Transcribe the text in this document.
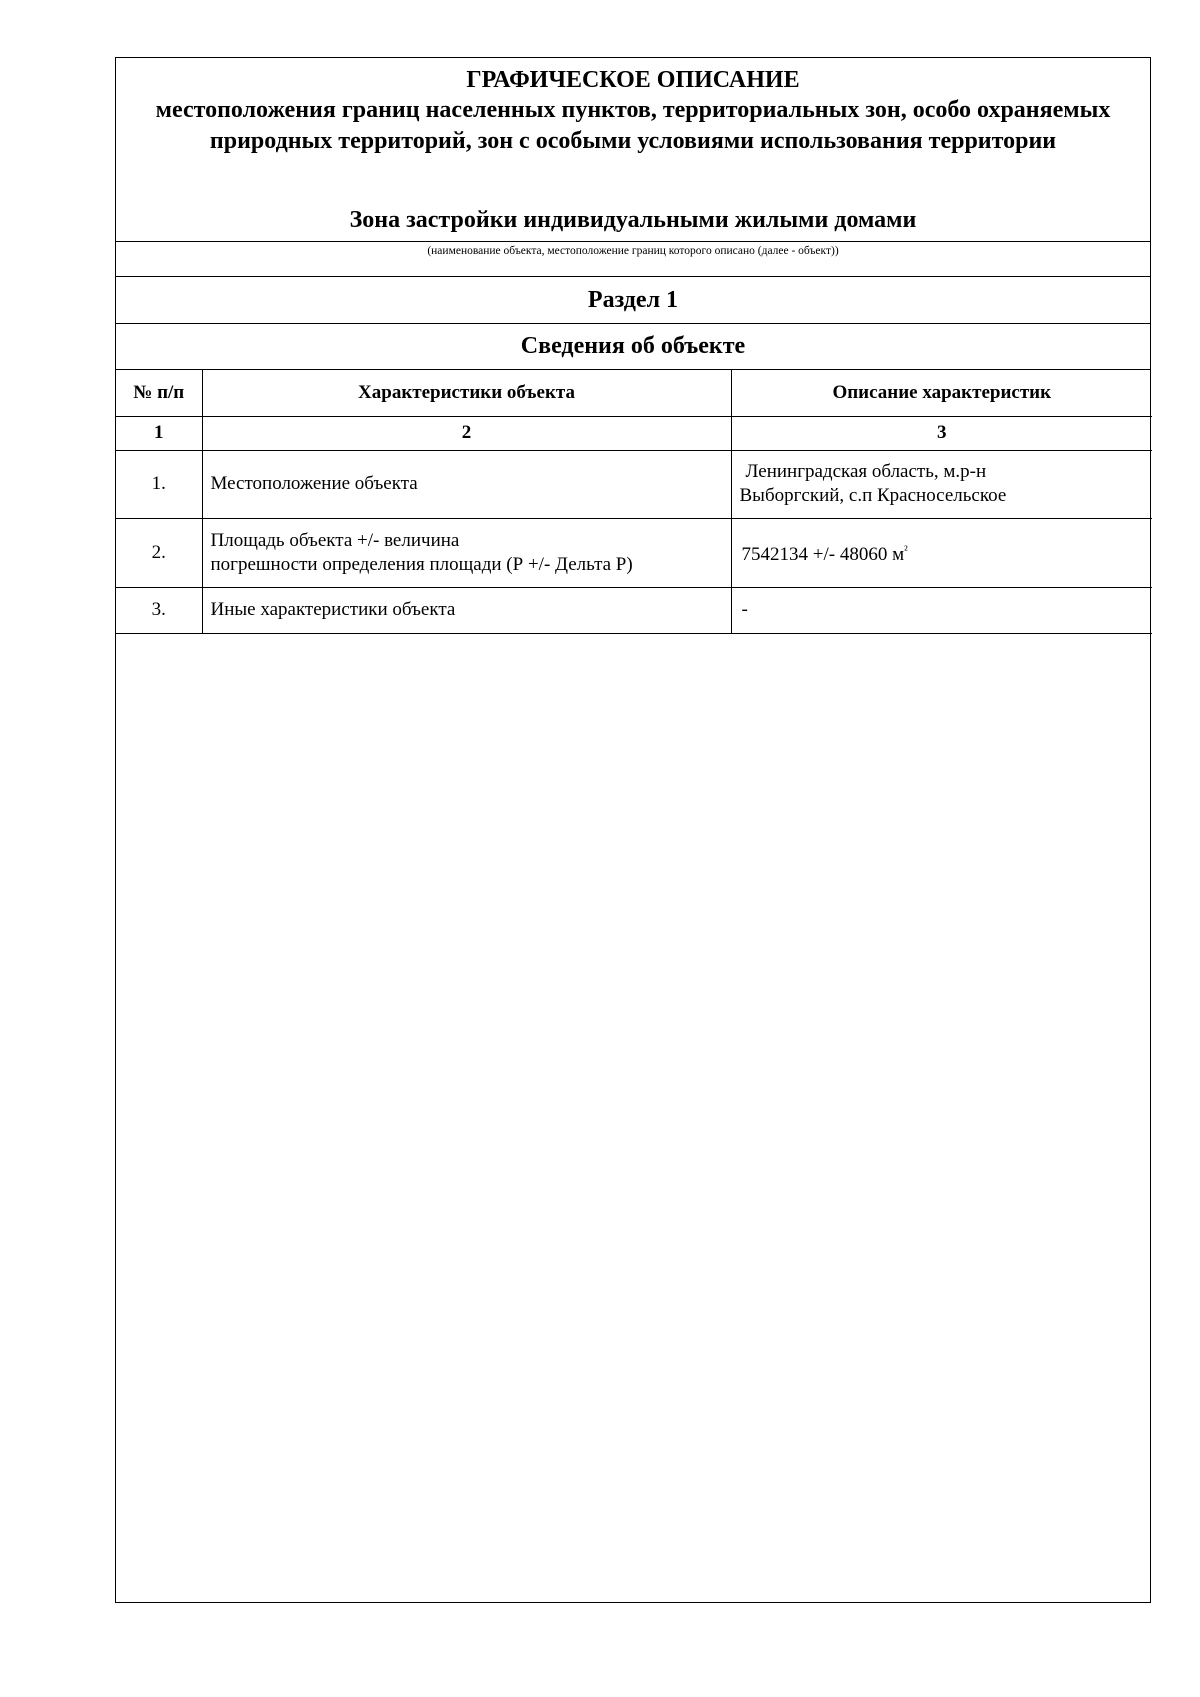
ГРАФИЧЕСКОЕ ОПИСАНИЕ
местоположения границ населенных пунктов, территориальных зон, особо охраняемых природных территорий, зон с особыми условиями использования территории
Зона застройки индивидуальными жилыми домами
(наименование объекта, местоположение границ которого описано (далее - объект))
Раздел 1
Сведения об объекте
№ п/п	Характеристики объекта	Описание характеристик
1	2	3
1.	Местоположение объекта	Ленинградская область, м.р-н
Выборгский, с.п Красносельское

2.	Площадь объекта +/- величина
погрешности определения площади (Р +/- Дельта Р)	7542134 +/- 48060 $м^{^2}$
3.	Иные характеристики объекта	-
